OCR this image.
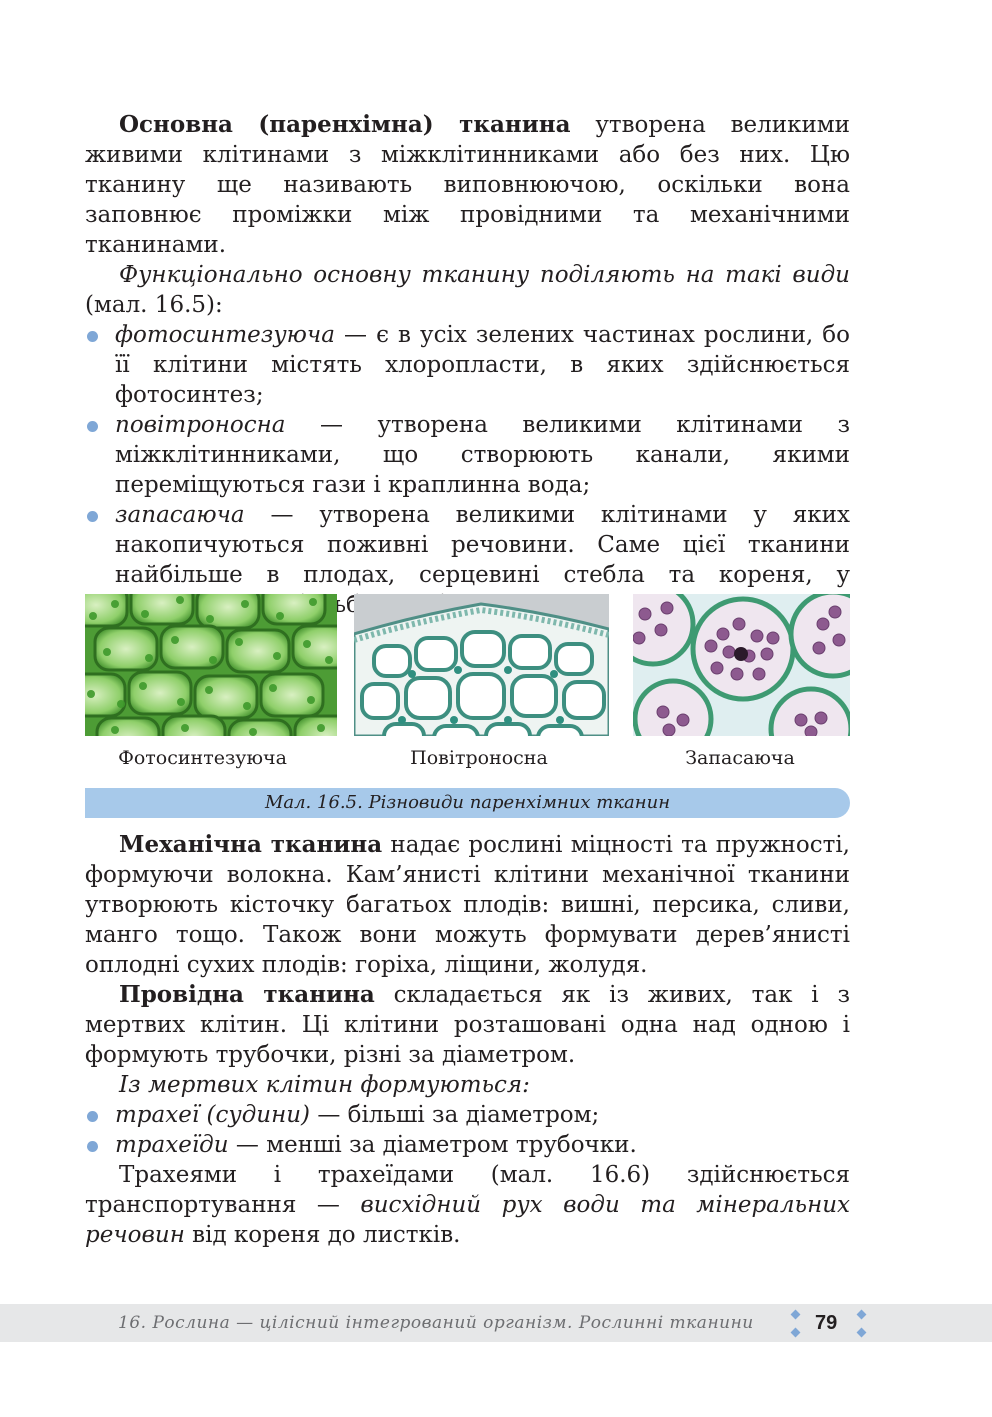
Основна (паренхімна) тканина утворена великими живими клітинами з міжклітинниками або без них. Цю тканину ще називають виповнюючою, оскільки вона заповнює проміжки між провідними та механічними тканинами.

Функціонально основну тканину поділяють на такі види (мал. 16.5):

фотосинтезуюча — є в усіх зелених частинах рослини, бо її клітини містять хлоропласти, в яких здійснюється фотосинтез;
повітроносна — утворена великими клітинами з міжклітинниками, що створюють канали, якими переміщуються гази і краплинна вода;
запасаюча — утворена великими клітинами у яких накопичуються поживні речовини. Саме цієї тканини найбільше в плодах, серцевині стебла та кореня, у бульбах,
Фотосинтезуюча	Повітроносна	Запасаюча
Мал. 16.5. Різновиди паренхімних тканин

Механічна тканина надає рослині міцності та пружності, формуючи волокна. Кам’янисті клітини механічної тканини утворюють кісточку багатьох плодів: вишні, персика, сливи, манго тощо. Також вони можуть формувати дерев’янисті оплодні сухих плодів: горіха, ліщини, жолудя.

Провідна тканина складається як із живих, так і з мертвих клітин. Ці клітини розташовані одна над одною і формують трубочки, різні за діаметром.

Із мертвих клітин формуються:

трахеї (судини) — більші за діаметром;
трахеїди — менші за діаметром трубочки.

Трахеями і трахеїдами (мал. 16.6) здійснюється транспортування — висхідний рух води та мінеральних речовин від кореня до листків.

16. Рослина — цілісний інтегрований організм. Рослинні тканини	79
